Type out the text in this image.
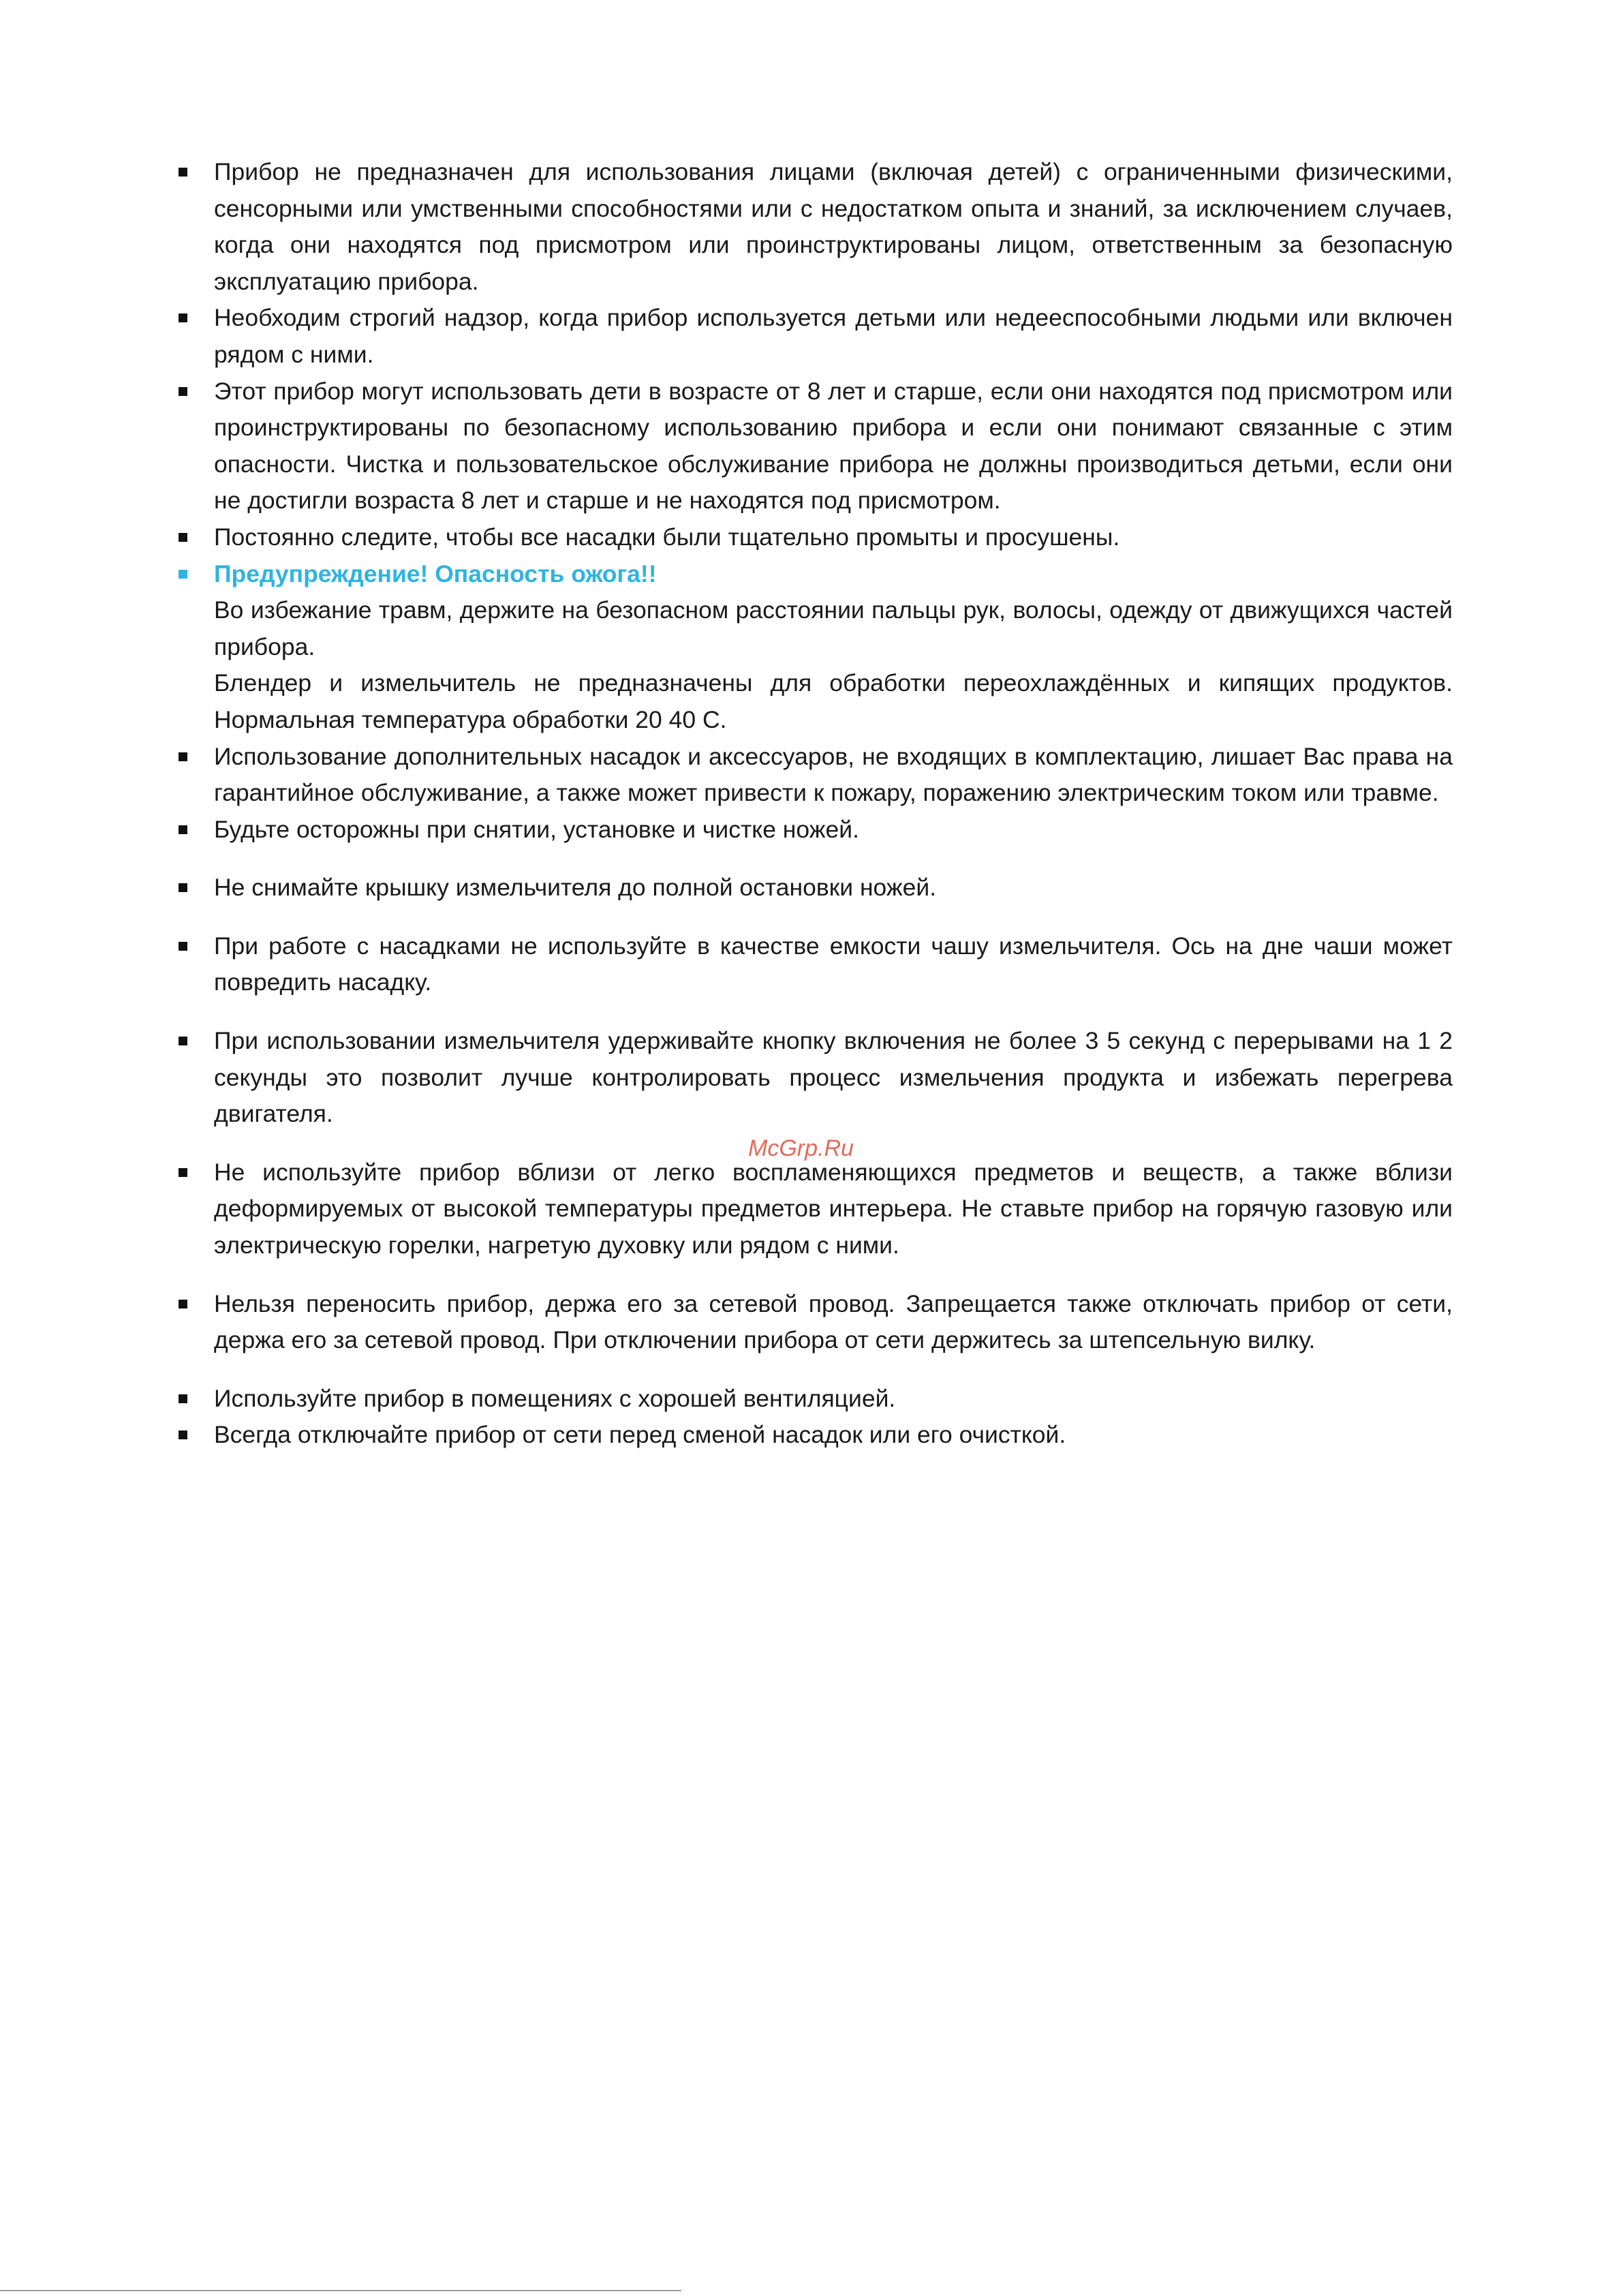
Прибор не предназначен для использования лицами (включая детей) с ограниченными физическими, сенсорными или умственными способностями или с недостатком опыта и знаний, за исключением случаев, когда они находятся под присмотром или проинструктированы лицом, ответственным за безопасную эксплуатацию прибора.
Необходим строгий надзор, когда прибор используется детьми или недееспособными людьми или включен рядом с ними.
Этот прибор могут использовать дети в возрасте от 8 лет и старше, если они находятся под присмотром или проинструктированы по безопасному использованию прибора и если они понимают связанные с этим опасности. Чистка и пользовательское обслуживание прибора не должны производиться детьми, если они не достигли возраста 8 лет и старше и не находятся под присмотром.
Постоянно следите, чтобы все насадки были тщательно промыты и просушены.
Предупреждение! Опасность ожога!!
Во избежание травм, держите на безопасном расстоянии пальцы рук, волосы, одежду от движущихся частей прибора.
Блендер и измельчитель не предназначены для обработки переохлаждённых и кипящих продуктов. Нормальная температура обработки 20 40 С.
Использование дополнительных насадок и аксессуаров, не входящих в комплектацию, лишает Вас права на гарантийное обслуживание, а также может привести к пожару, поражению электрическим током или травме.
Будьте осторожны при снятии, установке и чистке ножей.
Не снимайте крышку измельчителя до полной остановки ножей.
При работе с насадками не используйте в качестве емкости чашу измельчителя. Ось на дне чаши может повредить насадку.
При использовании измельчителя удерживайте кнопку включения не более 3 5 секунд с перерывами на 1 2 секунды это позволит лучше контролировать процесс измельчения продукта и избежать перегрева двигателя.
Не используйте прибор вблизи от легко воспламеняющихся предметов и веществ, а также вблизи деформируемых от высокой температуры предметов интерьера. Не ставьте прибор на горячую газовую или электрическую горелки, нагретую духовку или рядом с ними.
Нельзя переносить прибор, держа его за сетевой провод. Запрещается также отключать прибор от сети, держа его за сетевой провод. При отключении прибора от сети держитесь за штепсельную вилку.
Используйте прибор в помещениях с хорошей вентиляцией.
Всегда отключайте прибор от сети перед сменой насадок или его очисткой.
McGrp.Ru
